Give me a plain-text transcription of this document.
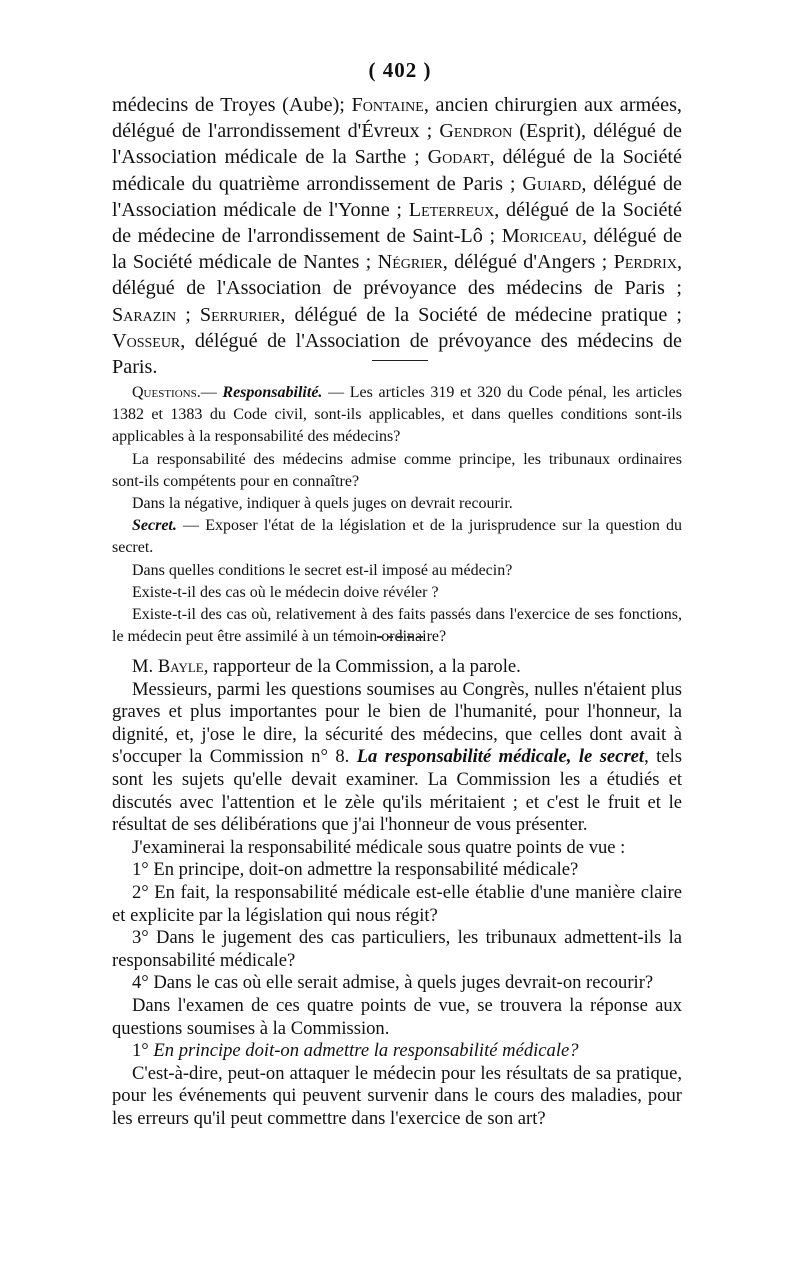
( 402 )
médecins de Troyes (Aube); Fontaine, ancien chirurgien aux armées, délégué de l'arrondissement d'Évreux ; Gendron (Esprit), délégué de l'Association médicale de la Sarthe ; Godart, délégué de la Société médicale du quatrième arrondissement de Paris ; Guiard, délégué de l'Association médicale de l'Yonne ; Leterreux, délégué de la Société de médecine de l'arrondissement de Saint-Lô ; Moriceau, délégué de la Société médicale de Nantes ; Négrier, délégué d'Angers ; Perdrix, délégué de l'Association de prévoyance des médecins de Paris ; Sarazin ; Serrurier, délégué de la Société de médecine pratique ; Vosseur, délégué de l'Association de prévoyance des médecins de Paris.

Questions.— Responsabilité. — Les articles 319 et 320 du Code pénal, les articles 1382 et 1383 du Code civil, sont-ils applicables, et dans quelles conditions sont-ils applicables à la responsabilité des médecins?

La responsabilité des médecins admise comme principe, les tribunaux ordinaires sont-ils compétents pour en connaître?

Dans la négative, indiquer à quels juges on devrait recourir.

Secret. — Exposer l'état de la législation et de la jurisprudence sur la question du secret.

Dans quelles conditions le secret est-il imposé au médecin?

Existe-t-il des cas où le médecin doive révéler ?

Existe-t-il des cas où, relativement à des faits passés dans l'exercice de ses fonctions, le médecin peut être assimilé à un témoin ordinaire?

M. Bayle, rapporteur de la Commission, a la parole.

Messieurs, parmi les questions soumises au Congrès, nulles n'étaient plus graves et plus importantes pour le bien de l'humanité, pour l'honneur, la dignité, et, j'ose le dire, la sécurité des médecins, que celles dont avait à s'occuper la Commission n° 8. La responsabilité médicale, le secret, tels sont les sujets qu'elle devait examiner. La Commission les a étudiés et discutés avec l'attention et le zèle qu'ils méritaient ; et c'est le fruit et le résultat de ses délibérations que j'ai l'honneur de vous présenter.

J'examinerai la responsabilité médicale sous quatre points de vue :

1° En principe, doit-on admettre la responsabilité médicale?

2° En fait, la responsabilité médicale est-elle établie d'une manière claire et explicite par la législation qui nous régit?

3° Dans le jugement des cas particuliers, les tribunaux admettent-ils la responsabilité médicale?

4° Dans le cas où elle serait admise, à quels juges devrait-on recourir?

Dans l'examen de ces quatre points de vue, se trouvera la réponse aux questions soumises à la Commission.

1° En principe doit-on admettre la responsabilité médicale?

C'est-à-dire, peut-on attaquer le médecin pour les résultats de sa pratique, pour les événements qui peuvent survenir dans le cours des maladies, pour les erreurs qu'il peut commettre dans l'exercice de son art?
